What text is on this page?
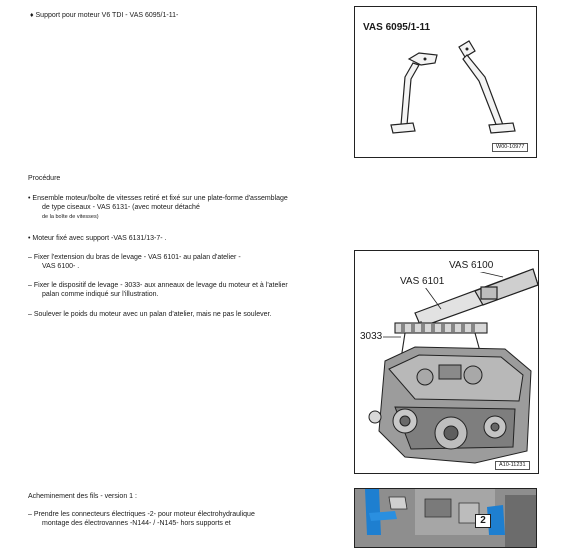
♦ Support pour moteur V6 TDI - VAS 6095/1-11-
VAS 6095/1-11
W00-10977
Procédure
• Ensemble moteur/boîte de vitesses retiré et fixé sur une plate-forme d'assemblage
de type ciseaux - VAS 6131- (avec moteur détaché
de la boîte de vitesses)
• Moteur fixé avec support -VAS 6131/13-7- .
– Fixer l'extension du bras de levage - VAS 6101- au palan d'atelier -
VAS 6100- .
– Fixer le dispositif de levage - 3033- aux anneaux de levage du moteur et à l'atelier
palan comme indiqué sur l'illustration.
– Soulever le poids du moteur avec un palan d'atelier, mais ne pas le soulever.
VAS 6100
VAS 6101
3033
A10-11231
Acheminement des fils - version 1 :
– Prendre les connecteurs électriques -2- pour moteur électrohydraulique
montage des électrovannes -N144- / -N145- hors supports et	2
